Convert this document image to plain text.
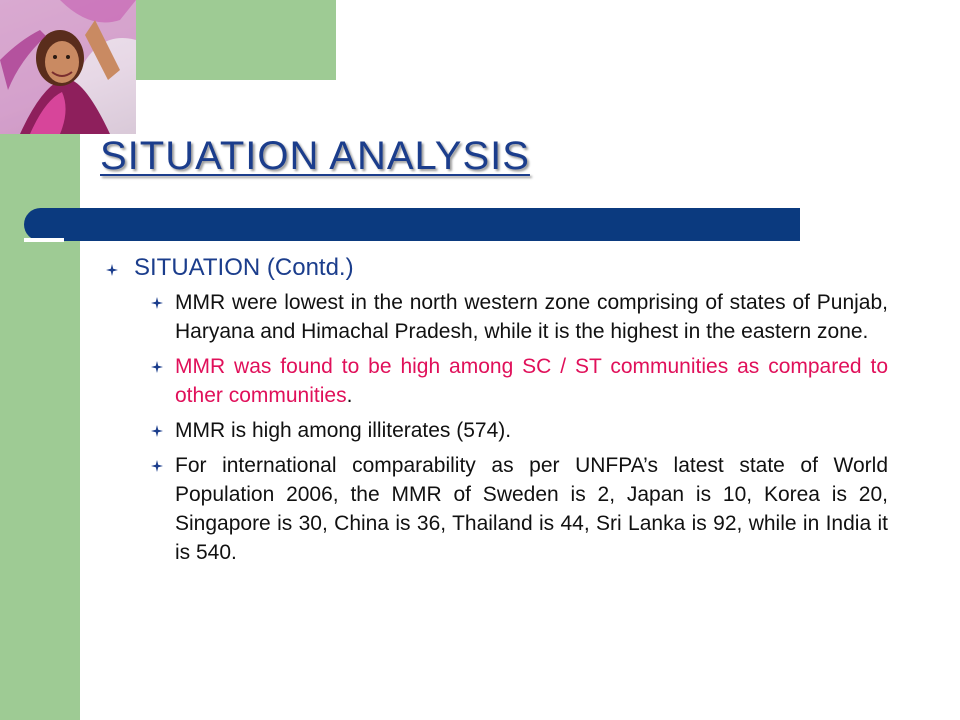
SITUATION ANALYSIS
SITUATION (Contd.)
MMR were lowest in the north western zone comprising of states of Punjab, Haryana and Himachal Pradesh, while it is the highest in the eastern zone.
MMR was found to be high among SC / ST communities as compared to other communities.
MMR is high among illiterates (574).
For international comparability as per UNFPA’s latest state of World Population 2006, the MMR of Sweden is 2, Japan is 10, Korea is 20, Singapore is 30, China is 36, Thailand is 44, Sri Lanka is 92, while in India it is 540.
